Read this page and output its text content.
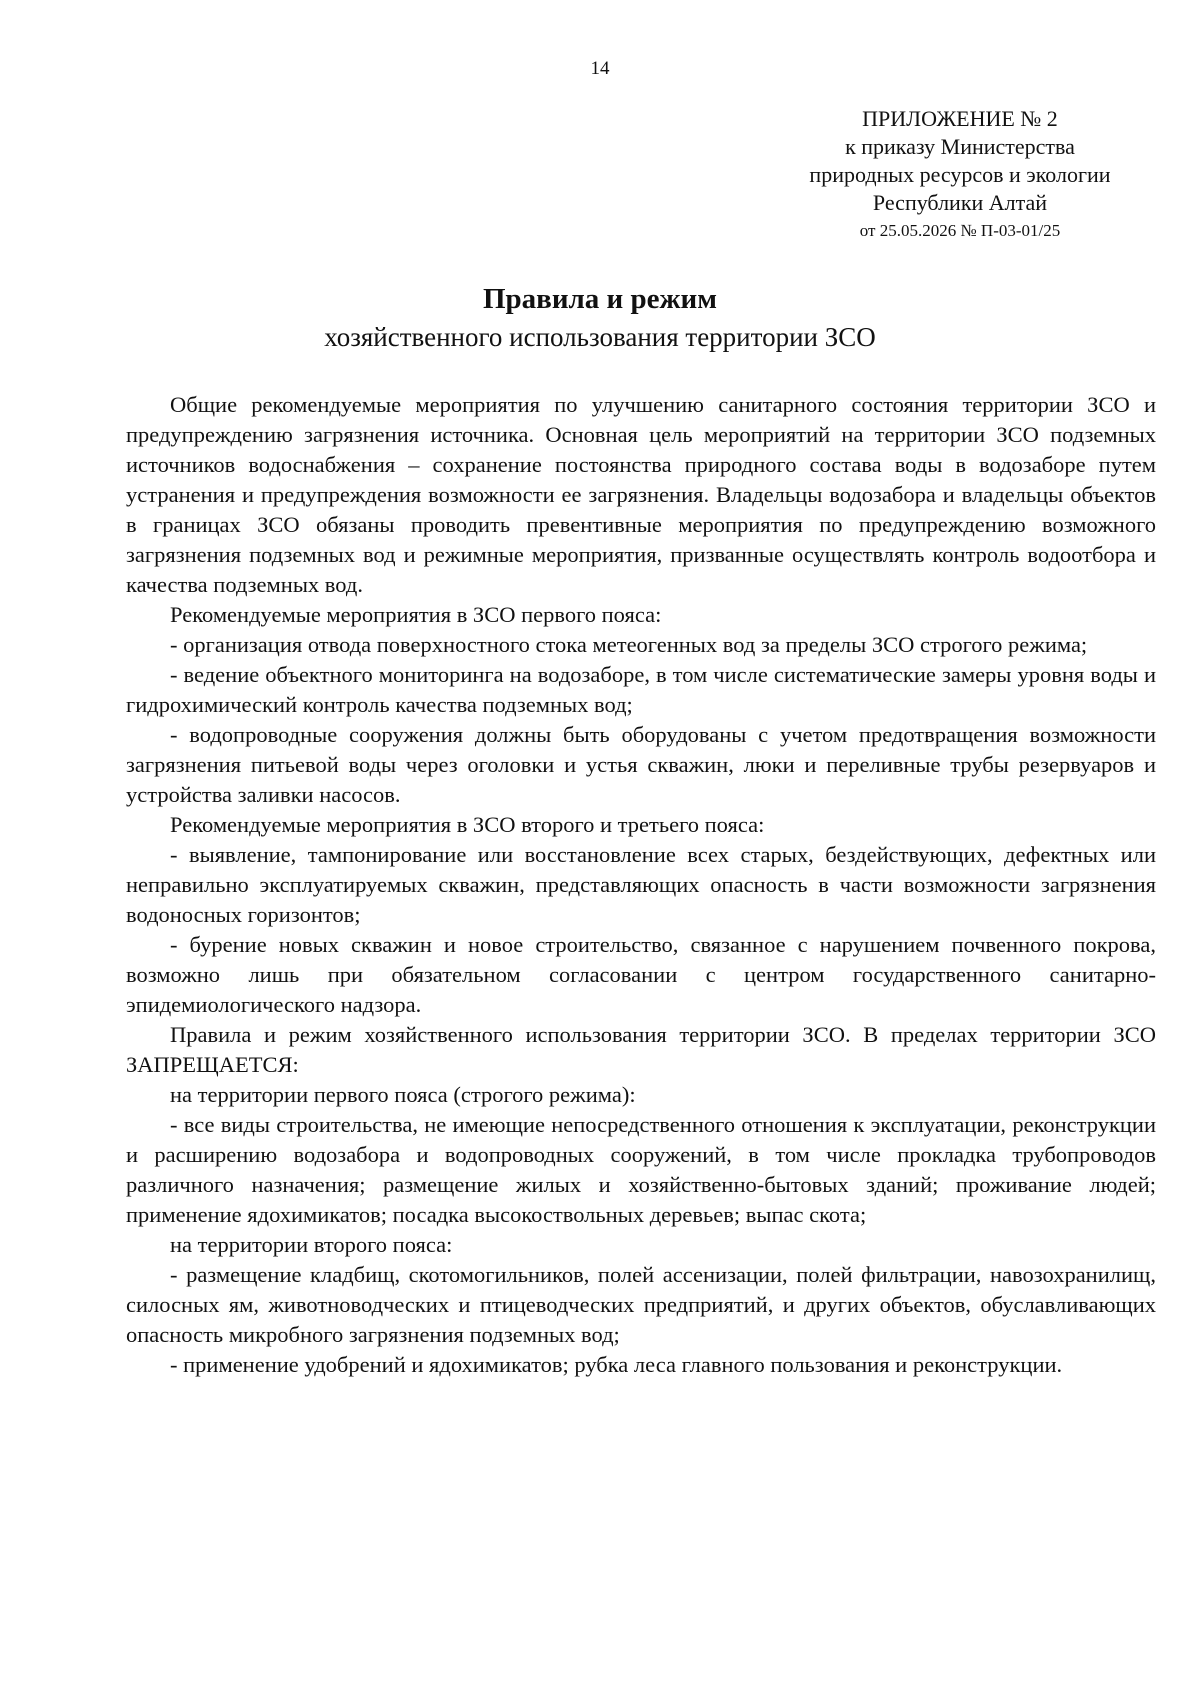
14
ПРИЛОЖЕНИЕ № 2
к приказу Министерства
природных ресурсов и экологии
Республики Алтай
от 25.05.2026 № П-03-01/25
Правила и режим
хозяйственного использования территории ЗСО

Общие рекомендуемые мероприятия по улучшению санитарного состояния территории ЗСО и предупреждению загрязнения источника. Основная цель мероприятий на территории ЗСО подземных источников водоснабжения – сохранение постоянства природного состава воды в водозаборе путем устранения и предупреждения возможности ее загрязнения. Владельцы водозабора и владельцы объектов в границах ЗСО обязаны проводить превентивные мероприятия по предупреждению возможного загрязнения подземных вод и режимные мероприятия, призванные осуществлять контроль водоотбора и качества подземных вод.

Рекомендуемые мероприятия в ЗСО первого пояса:

- организация отвода поверхностного стока метеогенных вод за пределы ЗСО строгого режима;

- ведение объектного мониторинга на водозаборе, в том числе систематические замеры уровня воды и гидрохимический контроль качества подземных вод;

- водопроводные сооружения должны быть оборудованы с учетом предотвращения возможности загрязнения питьевой воды через оголовки и устья скважин, люки и переливные трубы резервуаров и устройства заливки насосов.

Рекомендуемые мероприятия в ЗСО второго и третьего пояса:

- выявление, тампонирование или восстановление всех старых, бездействующих, дефектных или неправильно эксплуатируемых скважин, представляющих опасность в части возможности загрязнения водоносных горизонтов;

- бурение новых скважин и новое строительство, связанное с нарушением почвенного покрова, возможно лишь при обязательном согласовании с центром государственного санитарно-эпидемиологического надзора.

Правила и режим хозяйственного использования территории ЗСО. В пределах территории ЗСО ЗАПРЕЩАЕТСЯ:

на территории первого пояса (строгого режима):

- все виды строительства, не имеющие непосредственного отношения к эксплуатации, реконструкции и расширению водозабора и водопроводных сооружений, в том числе прокладка трубопроводов различного назначения; размещение жилых и хозяйственно-бытовых зданий; проживание людей; применение ядохимикатов; посадка высокоствольных деревьев; выпас скота;

на территории второго пояса:

- размещение кладбищ, скотомогильников, полей ассенизации, полей фильтрации, навозохранилищ, силосных ям, животноводческих и птицеводческих предприятий, и других объектов, обуславливающих опасность микробного загрязнения подземных вод;

- применение удобрений и ядохимикатов; рубка леса главного пользования и реконструкции.
